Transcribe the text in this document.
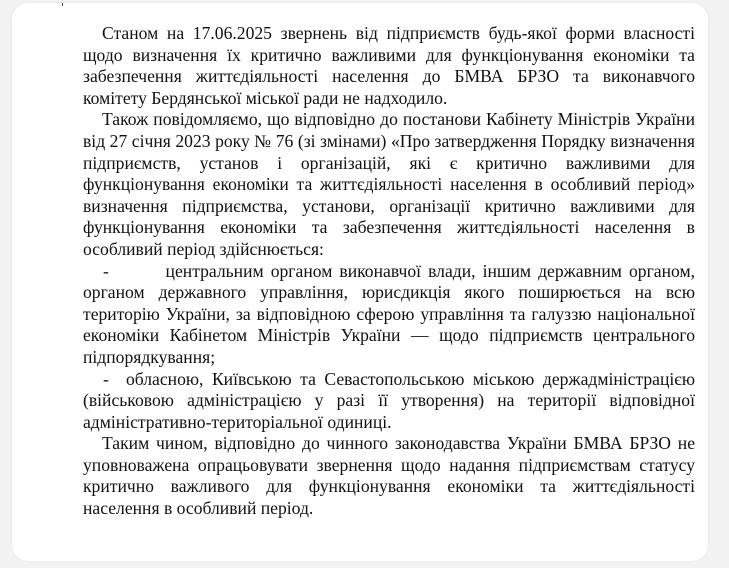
Станом на 17.06.2025 звернень від підприємств будь-якої форми власності щодо визначення їх критично важливими для функціонування економіки та забезпечення життєдіяльності населення до БМВА БРЗО та виконавчого комітету Бердянської міської ради не надходило.

Також повідомляємо, що відповідно до постанови Кабінету Міністрів України від 27 січня 2023 року № 76 (зі змінами) «Про затвердження Порядку визначення підприємств, установ і організацій, які є критично важливими для функціонування економіки та життєдіяльності населення в особливий період» визначення підприємства, установи, організації критично важливими для функціонування економіки та забезпечення життєдіяльності населення в особливий період здійснюється:

-        центральним органом виконавчої влади, іншим державним органом, органом державного управління, юрисдикція якого поширюється на всю територію України, за відповідною сферою управління та галуззю національної економіки Кабінетом Міністрів України — щодо підприємств центрального підпорядкування;

-  обласною, Київською та Севастопольською міською держадміністрацією (військовою адміністрацією у разі її утворення) на території відповідної адміністративно-територіальної одиниці.

Таким чином, відповідно до чинного законодавства України БМВА БРЗО не уповноважена опрацьовувати звернення щодо надання підприємствам статусу критично важливого для функціонування економіки та життєдіяльності населення в особливий період.
